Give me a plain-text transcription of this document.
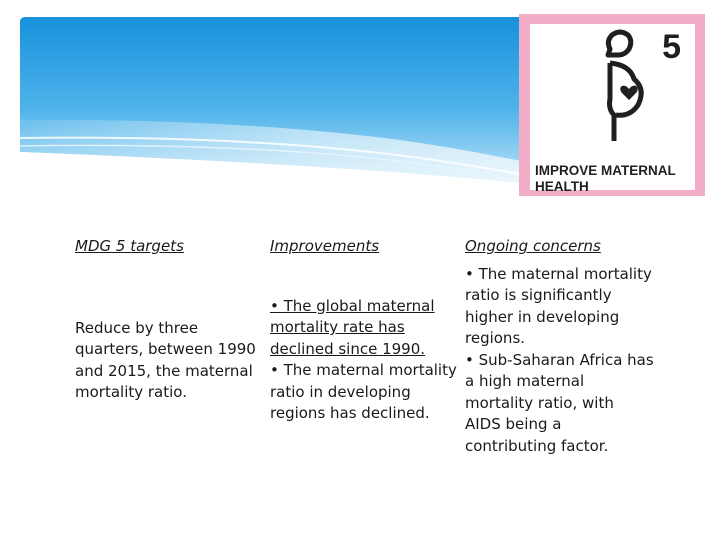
5
IMPROVE MATERNAL
HEALTH

MDG 5 targets

Reduce by three

quarters, between 1990

and 2015, the maternal

mortality ratio.

Improvements

• The global maternal

mortality rate has

declined since 1990.

• The maternal mortality

ratio in developing

regions has declined.

Ongoing concerns

• The maternal mortality

ratio is significantly

higher in developing

regions.

• Sub-Saharan Africa has

a high maternal

mortality ratio, with

AIDS being a

contributing factor.
